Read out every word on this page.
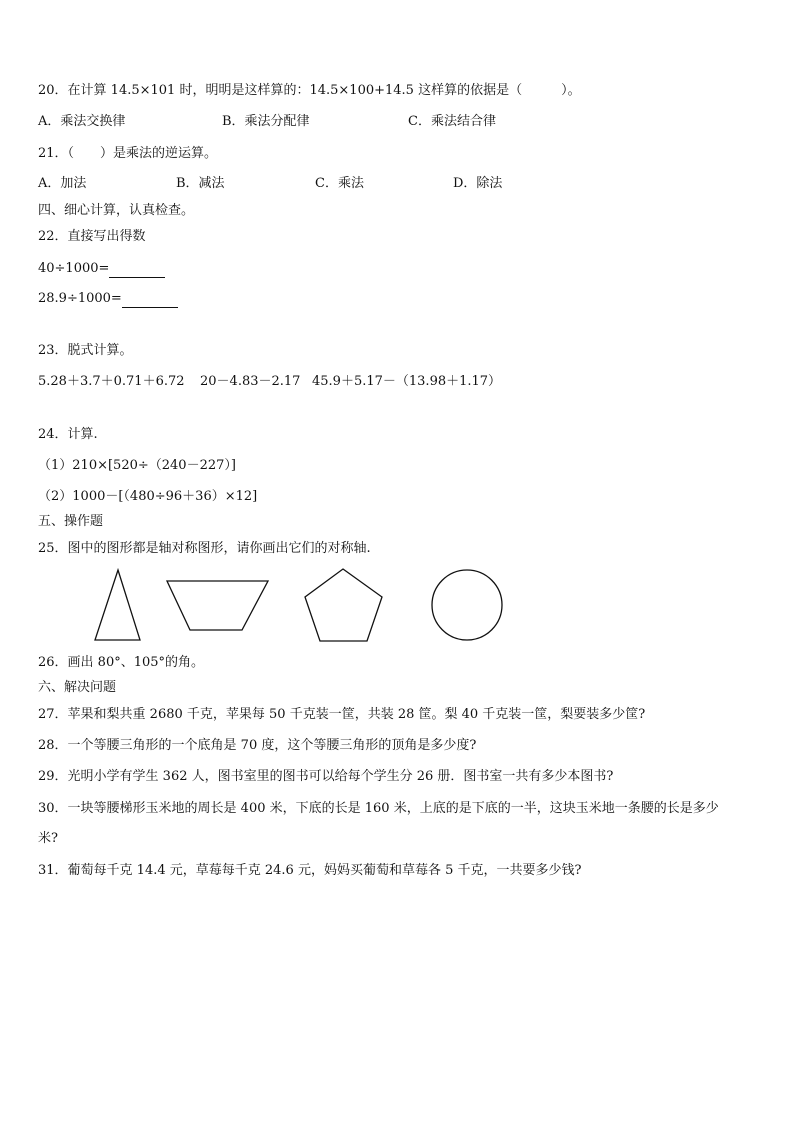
20．在计算 14.5×101 时，明明是这样算的：14.5×100+14.5 这样算的依据是（　　　）。
A．乘法交换律	B．乘法分配律	C．乘法结合律
21．（　　）是乘法的逆运算。
A．加法	B．减法	C．乘法	D．除法
四、细心计算，认真检查。
22．直接写出得数
40÷1000=
28.9÷1000=
23．脱式计算。
5.28＋3.7＋0.71＋6.72 20－4.83－2.17 45.9＋5.17－（13.98＋1.17）
24．计算.
（1）210×[520÷（240－227）]
（2）1000－[（480÷96＋36）×12]
五、操作题
25．图中的图形都是轴对称图形，请你画出它们的对称轴.
26．画出 80°、105°的角。
六、解决问题
27．苹果和梨共重 2680 千克，苹果每 50 千克装一筐，共装 28 筐。梨 40 千克装一筐，梨要装多少筐?
28．一个等腰三角形的一个底角是 70 度，这个等腰三角形的顶角是多少度?
29．光明小学有学生 362 人，图书室里的图书可以给每个学生分 26 册．图书室一共有多少本图书?
30．一块等腰梯形玉米地的周长是 400 米，下底的长是 160 米，上底的是下底的一半，这块玉米地一条腰的长是多少
米?
31．葡萄每千克 14.4 元，草莓每千克 24.6 元，妈妈买葡萄和草莓各 5 千克，一共要多少钱?
